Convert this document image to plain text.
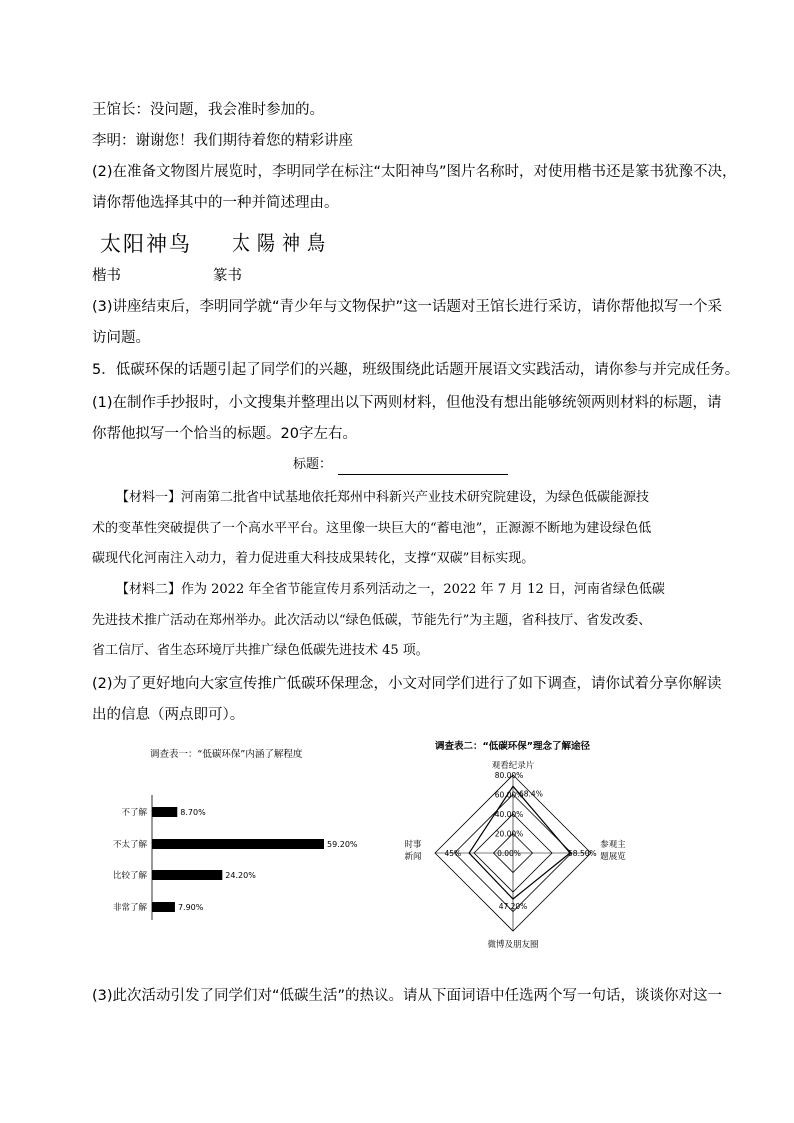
王馆长：没问题，我会准时参加的。
李明：谢谢您！我们期待着您的精彩讲座
(2)在准备文物图片展览时，李明同学在标注“太阳神鸟”图片名称时，对使用楷书还是篆书犹豫不决，
请你帮他选择其中的一种并简述理由。
太阳神鸟 太陽神鳥
楷书	篆书
(3)讲座结束后，李明同学就“青少年与文物保护”这一话题对王馆长进行采访，请你帮他拟写一个采
访问题。
5．低碳环保的话题引起了同学们的兴趣，班级围绕此话题开展语文实践活动，请你参与并完成任务。
(1)在制作手抄报时，小文搜集并整理出以下两则材料，但他没有想出能够统领两则材料的标题，请
你帮他拟写一个恰当的标题。20字左右。
标题：
【材料一】河南第二批省中试基地依托郑州中科新兴产业技术研究院建设，为绿色低碳能源技
术的变革性突破提供了一个高水平平台。这里像一块巨大的“蓄电池”，正源源不断地为建设绿色低
碳现代化河南注入动力，着力促进重大科技成果转化，支撑“双碳”目标实现。
【材料二】作为 2022 年全省节能宣传月系列活动之一，2022 年 7 月 12 日，河南省绿色低碳
先进技术推广活动在郑州举办。此次活动以“绿色低碳，节能先行”为主题，省科技厅、省发改委、
省工信厅、省生态环境厅共推广绿色低碳先进技术 45 项。
(2)为了更好地向大家宣传推广低碳环保理念，小文对同学们进行了如下调查，请你试着分享你解读
出的信息（两点即可）。
调查表一：“低碳环保”内涵了解程度
不了解	8.70%
不太了解	59.20%
比较了解	24.20%
非常了解	7.90%
调查表二：“低碳环保”理念了解途径
0.00%
20.00%
40.00%
60.00%
80.00%
68.4%
58.50%
47.20%
45%
观看纪录片
参观主
题展览
微博及朋友圈
时事
新闻
(3)此次活动引发了同学们对“低碳生活”的热议。请从下面词语中任选两个写一句话，谈谈你对这一
